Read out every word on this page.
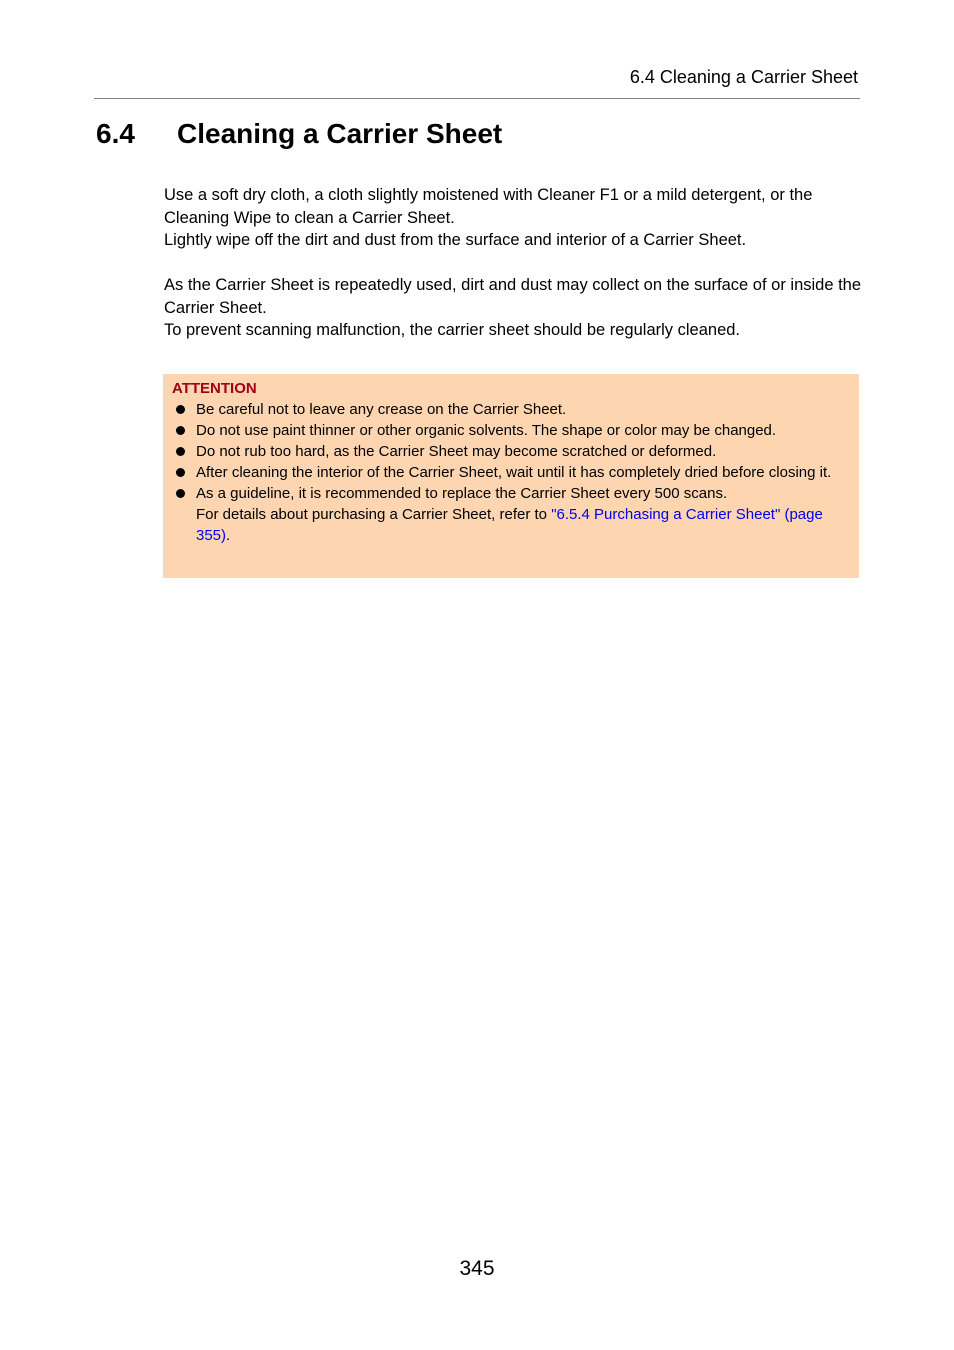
6.4 Cleaning a Carrier Sheet
6.4 Cleaning a Carrier Sheet

Use a soft dry cloth, a cloth slightly moistened with Cleaner F1 or a mild detergent, or the Cleaning Wipe to clean a Carrier Sheet.

Lightly wipe off the dirt and dust from the surface and interior of a Carrier Sheet.

As the Carrier Sheet is repeatedly used, dirt and dust may collect on the surface of or inside the Carrier Sheet.

To prevent scanning malfunction, the carrier sheet should be regularly cleaned.

ATTENTION
Be careful not to leave any crease on the Carrier Sheet.
Do not use paint thinner or other organic solvents. The shape or color may be changed.
Do not rub too hard, as the Carrier Sheet may become scratched or deformed.
After cleaning the interior of the Carrier Sheet, wait until it has completely dried before closing it.
As a guideline, it is recommended to replace the Carrier Sheet every 500 scans.
For details about purchasing a Carrier Sheet, refer to "6.5.4 Purchasing a Carrier Sheet" (page 355).
345
